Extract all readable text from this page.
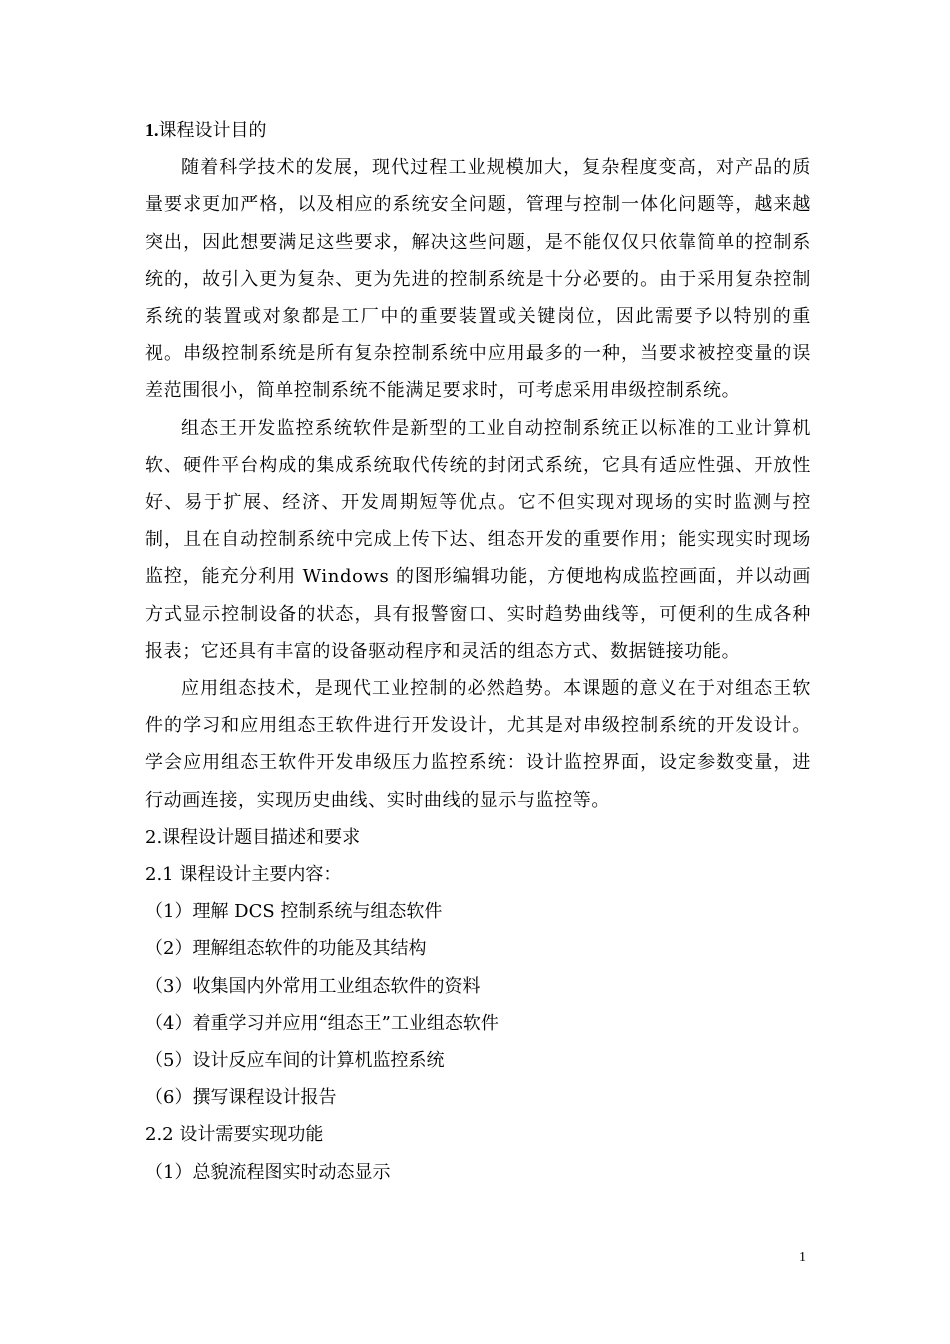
1.课程设计目的

随着科学技术的发展，现代过程工业规模加大，复杂程度变高，对产品的质量要求更加严格，以及相应的系统安全问题，管理与控制一体化问题等，越来越突出，因此想要满足这些要求，解决这些问题，是不能仅仅只依靠简单的控制系统的，故引入更为复杂、更为先进的控制系统是十分必要的。由于采用复杂控制系统的装置或对象都是工厂中的重要装置或关键岗位，因此需要予以特别的重视。串级控制系统是所有复杂控制系统中应用最多的一种，当要求被控变量的误差范围很小，简单控制系统不能满足要求时，可考虑采用串级控制系统。

组态王开发监控系统软件是新型的工业自动控制系统正以标准的工业计算机软、硬件平台构成的集成系统取代传统的封闭式系统，它具有适应性强、开放性好、易于扩展、经济、开发周期短等优点。它不但实现对现场的实时监测与控制，且在自动控制系统中完成上传下达、组态开发的重要作用；能实现实时现场监控，能充分利用 Windows 的图形编辑功能，方便地构成监控画面，并以动画方式显示控制设备的状态，具有报警窗口、实时趋势曲线等，可便利的生成各种报表；它还具有丰富的设备驱动程序和灵活的组态方式、数据链接功能。

应用组态技术，是现代工业控制的必然趋势。本课题的意义在于对组态王软件的学习和应用组态王软件进行开发设计，尤其是对串级控制系统的开发设计。学会应用组态王软件开发串级压力监控系统：设计监控界面，设定参数变量，进行动画连接，实现历史曲线、实时曲线的显示与监控等。

2.课程设计题目描述和要求

2.1 课程设计主要内容：

（1）理解 DCS 控制系统与组态软件

（2）理解组态软件的功能及其结构

（3）收集国内外常用工业组态软件的资料

（4）着重学习并应用“组态王”工业组态软件

（5）设计反应车间的计算机监控系统

（6）撰写课程设计报告

2.2 设计需要实现功能

（1）总貌流程图实时动态显示

1
